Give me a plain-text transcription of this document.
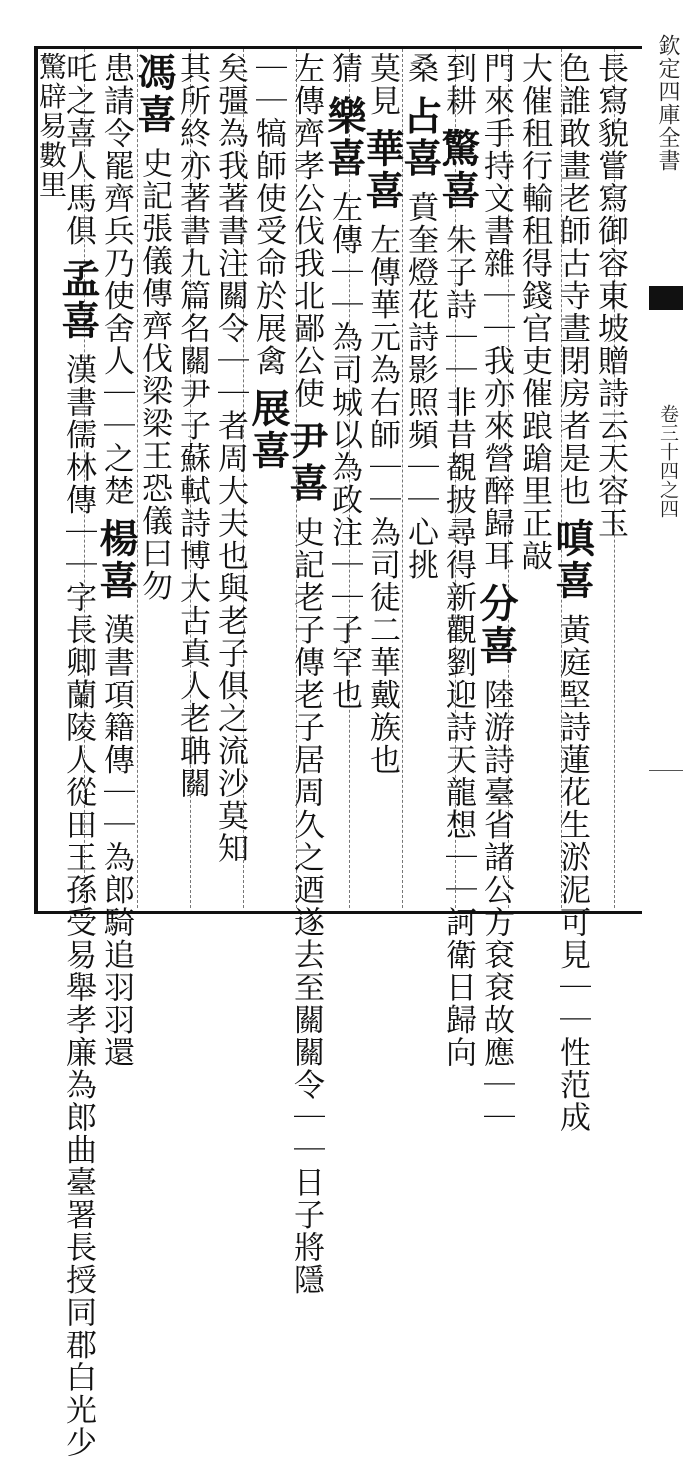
欽定四庫全書
卷三十四之四
長寫貌嘗寫御容東坡贈詩云天容玉
色誰敢畫老師古寺晝閉房者是也 嗔喜 黃庭堅詩蓮花生淤泥可見｜｜性范成
大催租行輸租得錢官吏催踉蹌里正敲
門來手持文書雜｜｜我亦來營醉歸耳 分喜 陸游詩臺省諸公方袞袞故應｜｜
到耕 驚喜 朱子詩｜｜非昔覩披尋得新觀劉迎詩天龍想｜｜訶衛日歸向
桑 占喜 賁奎燈花詩影照頻｜｜心挑
莫見 華喜 左傳華元為右師｜｜為司徒二華戴族也
猜 樂喜 左傳｜｜為司城以為政注｜｜子罕也
左傳齊孝公伐我北鄙公使 尹喜 史記老子傳老子居周久之迺遂去至關關令｜｜日子將隱
｜｜犒師使受命於展禽 展喜
矣彊為我著書注關令｜｜者周大夫也與老子俱之流沙莫知
其所終亦著書九篇名關尹子蘇軾詩博大古真人老聃關
馮喜 史記張儀傳齊伐梁梁王恐儀曰勿
患請令罷齊兵乃使舍人｜｜之楚 楊喜 漢書項籍傳｜｜為郎騎追羽羽還
吒之喜人馬俱 孟喜 漢書儒林傳｜｜字長卿蘭陵人從田王孫受易舉孝廉為郎曲臺署長授同郡白光少
驚辟易數里
